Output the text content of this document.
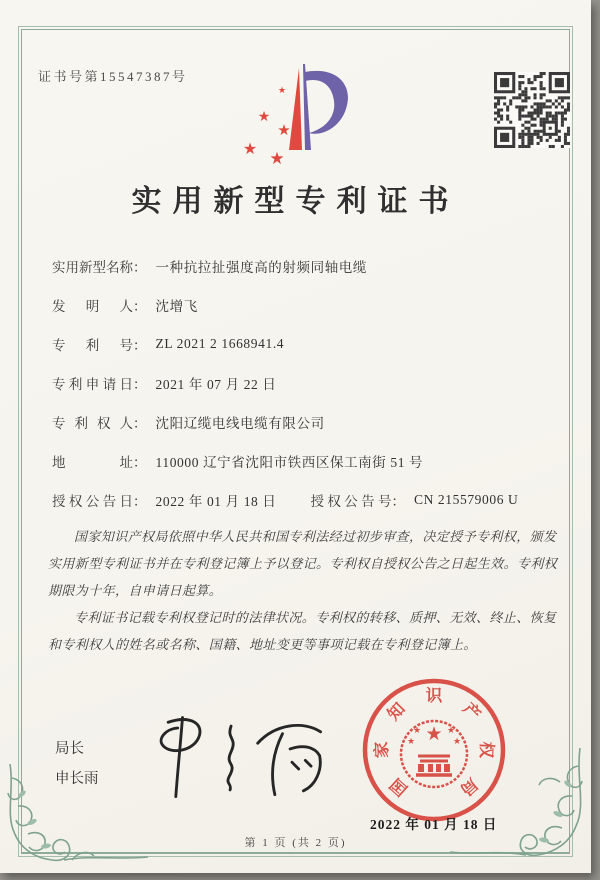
证书号第15547387号
★
★
★
★ ★
实用新型专利证书
实用新型名称 ： 一种抗拉扯强度高的射频同轴电缆
发明人 ： 沈增飞
专利号 ： ZL 2021 2 1668941.4
专利申请日 ： 2021 年 07 月 22 日
专利权人 ： 沈阳辽缆电线电缆有限公司
地址 ： 110000 辽宁省沈阳市铁西区保工南街 51 号
授权公告日 ： 2022 年 01 月 18 日	授权公告号 ： CN 215579006 U

国家知识产权局依照中华人民共和国专利法经过初步审查，决定授予专利权，颁发实用新型专利证书并在专利登记簿上予以登记。专利权自授权公告之日起生效。专利权期限为十年，自申请日起算。

专利证书记载专利权登记时的法律状况。专利权的转移、质押、无效、终止、恢复和专利权人的姓名或名称、国籍、地址变更等事项记载在专利登记簿上。

局长
申长雨	国
家
知
识
产
权
局
★
★	★
★	★
2022 年 01 月 18 日
第 1 页 (共 2 页)
